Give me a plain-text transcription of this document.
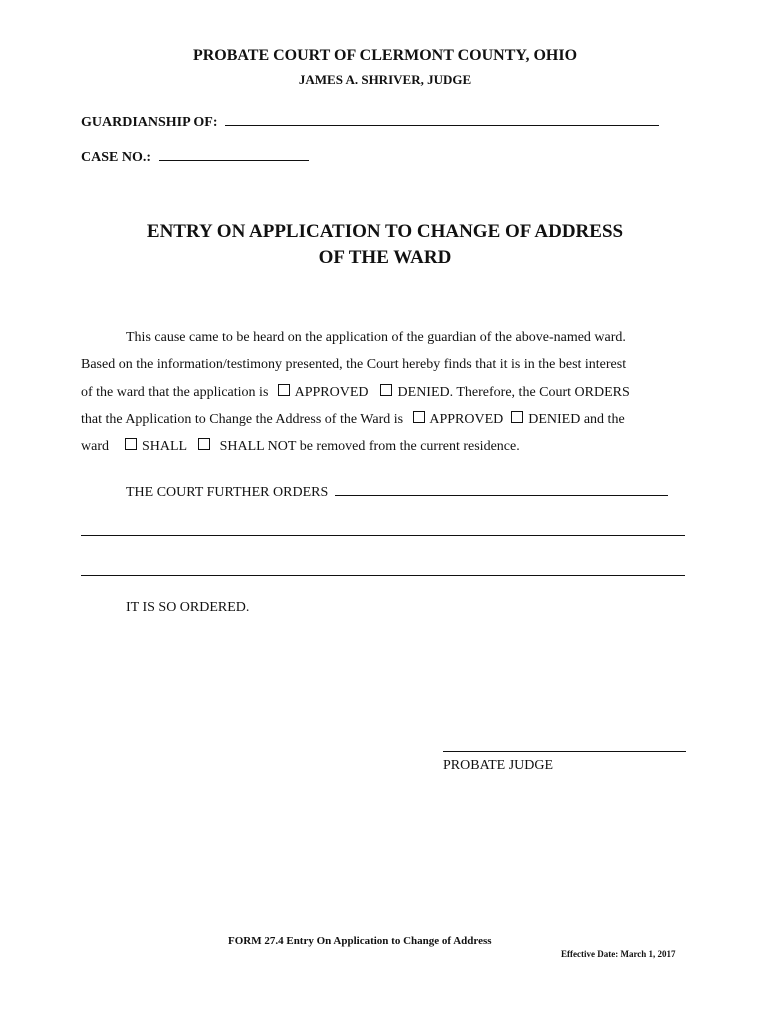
PROBATE COURT OF CLERMONT COUNTY, OHIO
JAMES A. SHRIVER, JUDGE
GUARDIANSHIP OF:
CASE NO.:
ENTRY ON APPLICATION TO CHANGE OF ADDRESS
OF THE WARD
This cause came to be heard on the application of the guardian of the above-named ward.
Based on the information/testimony presented, the Court hereby finds that it is in the best interest
of the ward that the application is APPROVED DENIED. Therefore, the Court ORDERS
that the Application to Change the Address of the Ward is APPROVED DENIED and the
ward SHALL SHALL NOT be removed from the current residence.
THE COURT FURTHER ORDERS
IT IS SO ORDERED.
PROBATE JUDGE
FORM 27.4 Entry On Application to Change of Address
Effective Date: March 1, 2017
